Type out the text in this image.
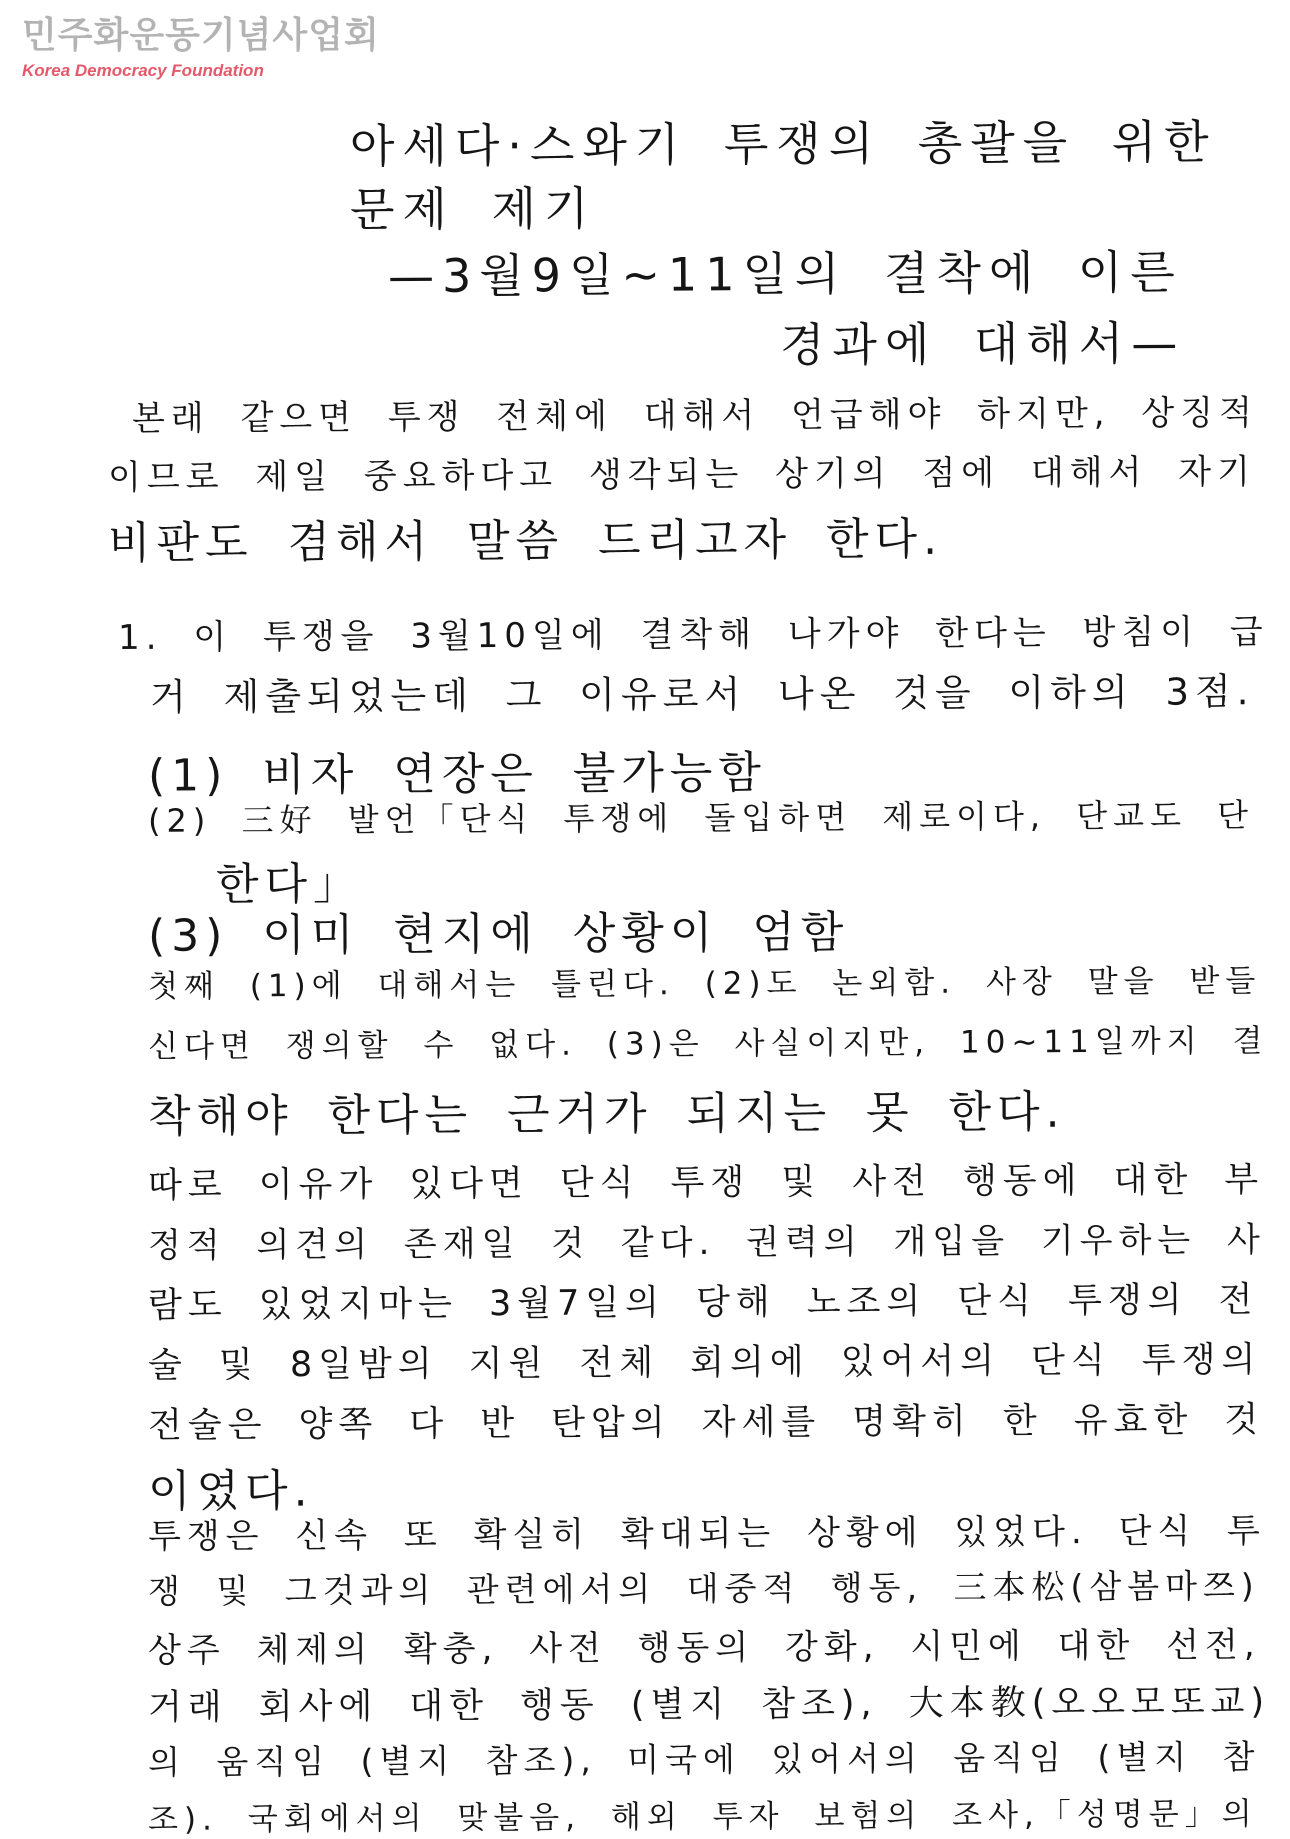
민주화운동기념사업회
Korea Democracy Foundation
아세다·스와기 투쟁의 총괄을 위한
문제 제기
—3월9일~11일의 결착에 이른
경과에 대해서—
본래 같으면 투쟁 전체에 대해서 언급해야 하지만, 상징적
이므로 제일 중요하다고 생각되는 상기의 점에 대해서 자기
비판도 겸해서 말씀 드리고자 한다.
1. 이 투쟁을 3월10일에 결착해 나가야 한다는 방침이 급
거 제출되었는데 그 이유로서 나온 것을 이하의 3점.
(1) 비자 연장은 불가능함
(2) 三好 발언「단식 투쟁에 돌입하면 제로이다, 단교도 단
한다」
(3) 이미 현지에 상황이 엄함
첫째 (1)에 대해서는 틀린다. (2)도 논외함. 사장 말을 받들
신다면 쟁의할 수 없다. (3)은 사실이지만, 10~11일까지 결
착해야 한다는 근거가 되지는 못 한다.
따로 이유가 있다면 단식 투쟁 및 사전 행동에 대한 부
정적 의견의 존재일 것 같다. 권력의 개입을 기우하는 사
람도 있었지마는 3월7일의 당해 노조의 단식 투쟁의 전
술 및 8일밤의 지원 전체 회의에 있어서의 단식 투쟁의
전술은 양쪽 다 반 탄압의 자세를 명확히 한 유효한 것
이였다.
투쟁은 신속 또 확실히 확대되는 상황에 있었다. 단식 투
쟁 및 그것과의 관련에서의 대중적 행동, 三本松(삼봄마쯔)
상주 체제의 확충, 사전 행동의 강화, 시민에 대한 선전,
거래 회사에 대한 행동 (별지 참조), 大本教(오오모또교)
의 움직임 (별지 참조), 미국에 있어서의 움직임 (별지 참
조). 국회에서의 맞불음, 해외 투자 보험의 조사,「성명문」의
